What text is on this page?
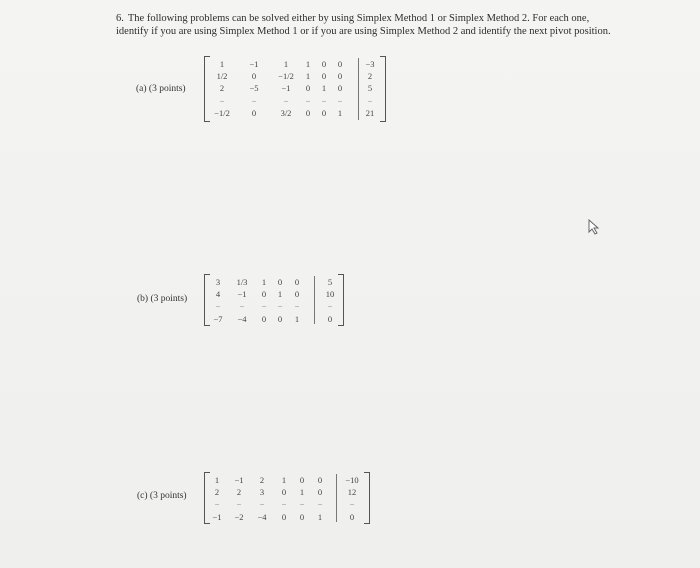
6. The following problems can be solved either by using Simplex Method 1 or Simplex Method 2. For each one, identify if you are using Simplex Method 1 or if you are using Simplex Method 2 and identify the next pivot position.
(a) (3 points)
1	−1	1	1	0	0	−3
1/2	0	−1/2	1	0	0	2
2	−5	−1	0	1	0	5
−	−	−	−	−	−	−
−1/2	0	3/2	0	0	1	21
(b) (3 points)
3	1/3	1	0	0	5
4	−1	0	1	0	10
−	−	−	−	−	−
−7	−4	0	0	1	0
(c) (3 points)
1	−1	2	1	0	0	−10
2	2	3	0	1	0	12
−	−	−	−	−	−	−
−1	−2	−4	0	0	1	0
